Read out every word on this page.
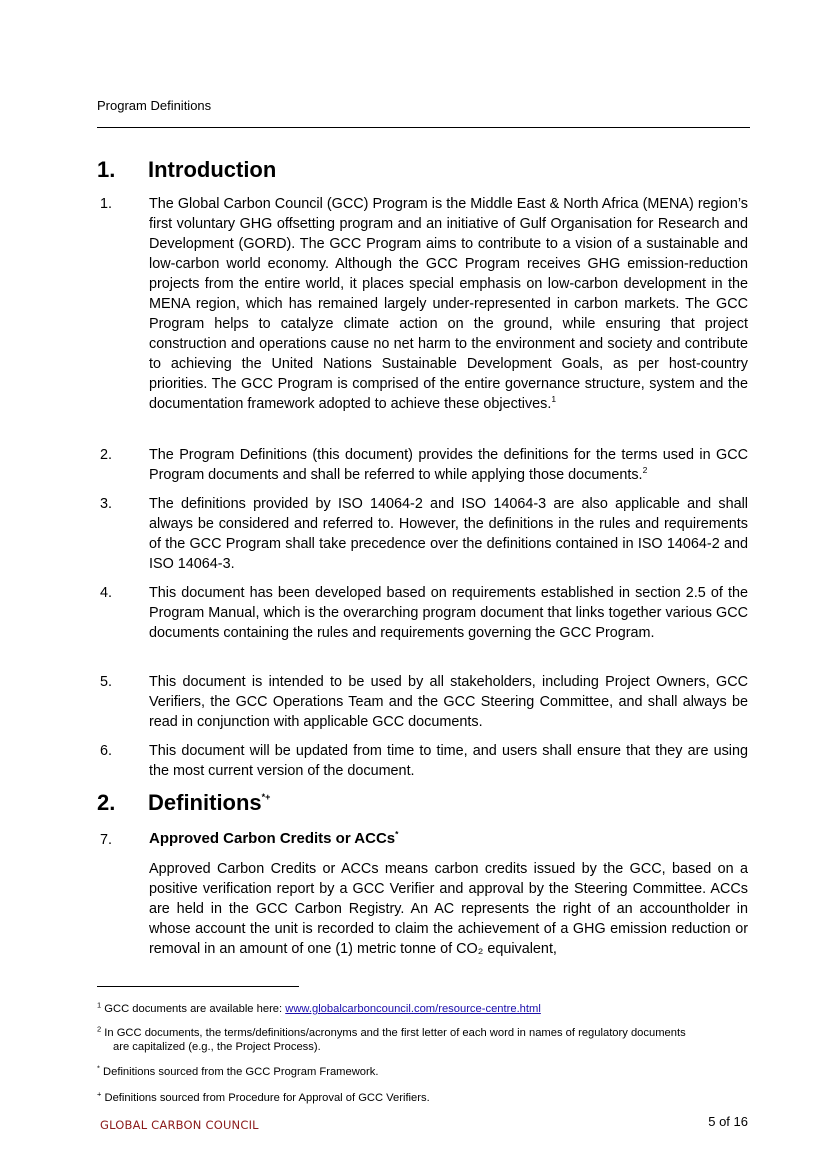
Program Definitions
1. Introduction
1.	The Global Carbon Council (GCC) Program is the Middle East & North Africa (MENA) region’s first voluntary GHG offsetting program and an initiative of Gulf Organisation for Research and Development (GORD). The GCC Program aims to contribute to a vision of a sustainable and low-carbon world economy. Although the GCC Program receives GHG emission-reduction projects from the entire world, it places special emphasis on low-carbon development in the MENA region, which has remained largely under-represented in carbon markets. The GCC Program helps to catalyze climate action on the ground, while ensuring that project construction and operations cause no net harm to the environment and society and contribute to achieving the United Nations Sustainable Development Goals, as per host-country priorities. The GCC Program is comprised of the entire governance structure, system and the documentation framework adopted to achieve these objectives.$^1$
2.	The Program Definitions (this document) provides the definitions for the terms used in GCC Program documents and shall be referred to while applying those documents.$^2$
3.	The definitions provided by ISO 14064-2 and ISO 14064-3 are also applicable and shall always be considered and referred to. However, the definitions in the rules and requirements of the GCC Program shall take precedence over the definitions contained in ISO 14064-2 and ISO 14064-3.
4.	This document has been developed based on requirements established in section 2.5 of the Program Manual, which is the overarching program document that links together various GCC documents containing the rules and requirements governing the GCC Program.
5.	This document is intended to be used by all stakeholders, including Project Owners, GCC Verifiers, the GCC Operations Team and the GCC Steering Committee, and shall always be read in conjunction with applicable GCC documents.
6.	This document will be updated from time to time, and users shall ensure that they are using the most current version of the document.
2. Definitions*+
7. Approved Carbon Credits or ACCs*
Approved Carbon Credits or ACCs means carbon credits issued by the GCC, based on a positive verification report by a GCC Verifier and approval by the Steering Committee. ACCs are held in the GCC Carbon Registry. An AC represents the right of an accountholder in whose account the unit is recorded to claim the achievement of a GHG emission reduction or removal in an amount of one (1) metric tonne of CO₂ equivalent,
$^1$ GCC documents are available here: www.globalcarboncouncil.com/resource-centre.html
$^2$ In GCC documents, the terms/definitions/acronyms and the first letter of each word in names of regulatory documents
are capitalized (e.g., the Project Process).
* Definitions sourced from the GCC Program Framework.
+ Definitions sourced from Procedure for Approval of GCC Verifiers.
GLOBAL CARBON COUNCIL	5 of 16
